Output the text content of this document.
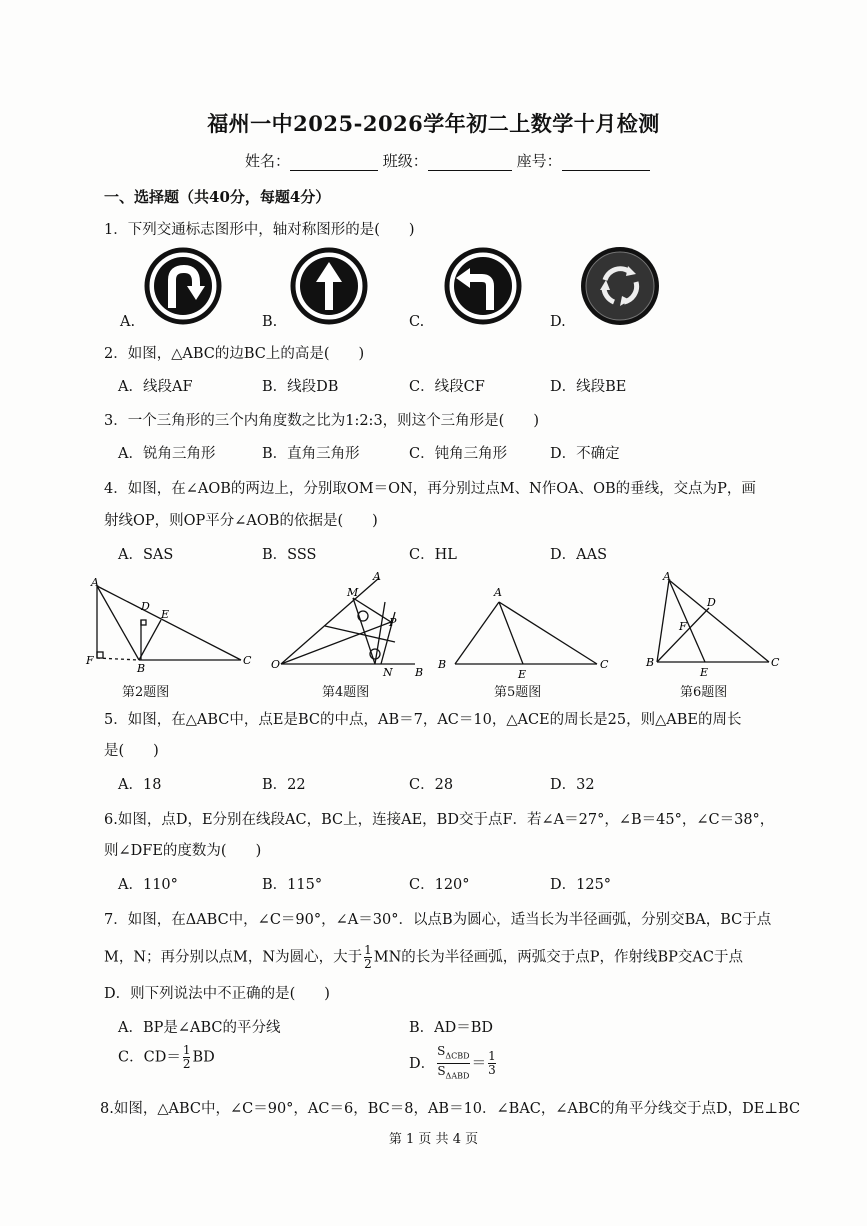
福州一中2025-2026学年初二上数学十月检测
姓名：	班级：	座号：
一、选择题（共40分，每题4分）
1．下列交通标志图形中，轴对称图形的是(　　)
A.	B.	C.	D.
2．如图，△ABC的边BC上的高是(　　)
A．线段AF	B．线段DB	C．线段CF	D．线段BE
3．一个三角形的三个内角度数之比为1:2:3，则这个三角形是(　　)
A．锐角三角形	B．直角三角形	C．钝角三角形	D．不确定
4．如图，在∠AOB的两边上，分别取OM＝ON，再分别过点M、N作OA、OB的垂线，交点为P，画
射线OP，则OP平分∠AOB的依据是(　　)
A．SAS	B．SSS	C．HL	D．AAS
A
D
E
F
B
C
A
M
P
O
N B
A
B
E
C
A
D
F
B
E
C
第2题图	第4题图	第5题图	第6题图
5．如图，在△ABC中，点E是BC的中点，AB＝7，AC＝10，△ACE的周长是25，则△ABE的周长
是(　　)
A．18	B．22	C．28	D．32
6.如图，点D，E分别在线段AC，BC上，连接AE，BD交于点F．若∠A＝27°，∠B＝45°，∠C＝38°，
则∠DFE的度数为(　　)
A．110°	B．115°	C．120°	D．125°
7．如图，在ΔABC中，∠C＝90°，∠A＝30°．以点B为圆心，适当长为半径画弧，分别交BA，BC于点
M，N；再分别以点M，N为圆心，大于 $\frac{1}{2}$ MN的长为半径画弧，两弧交于点P，作射线BP交AC于点
D．则下列说法中不正确的是(　　)
A．BP是∠ABC的平分线	B．AD＝BD
C．$CD= \frac{1}{2}$ BD	D．
$S_{\Delta CBD}$
$S_{\Delta ABD}$
＝ $\frac{1}{3}$
8.如图，△ABC中，∠C＝90°，AC＝6，BC＝8，AB＝10．∠BAC，∠ABC的角平分线交于点D，DE⊥BC
第 1 页 共 4 页
